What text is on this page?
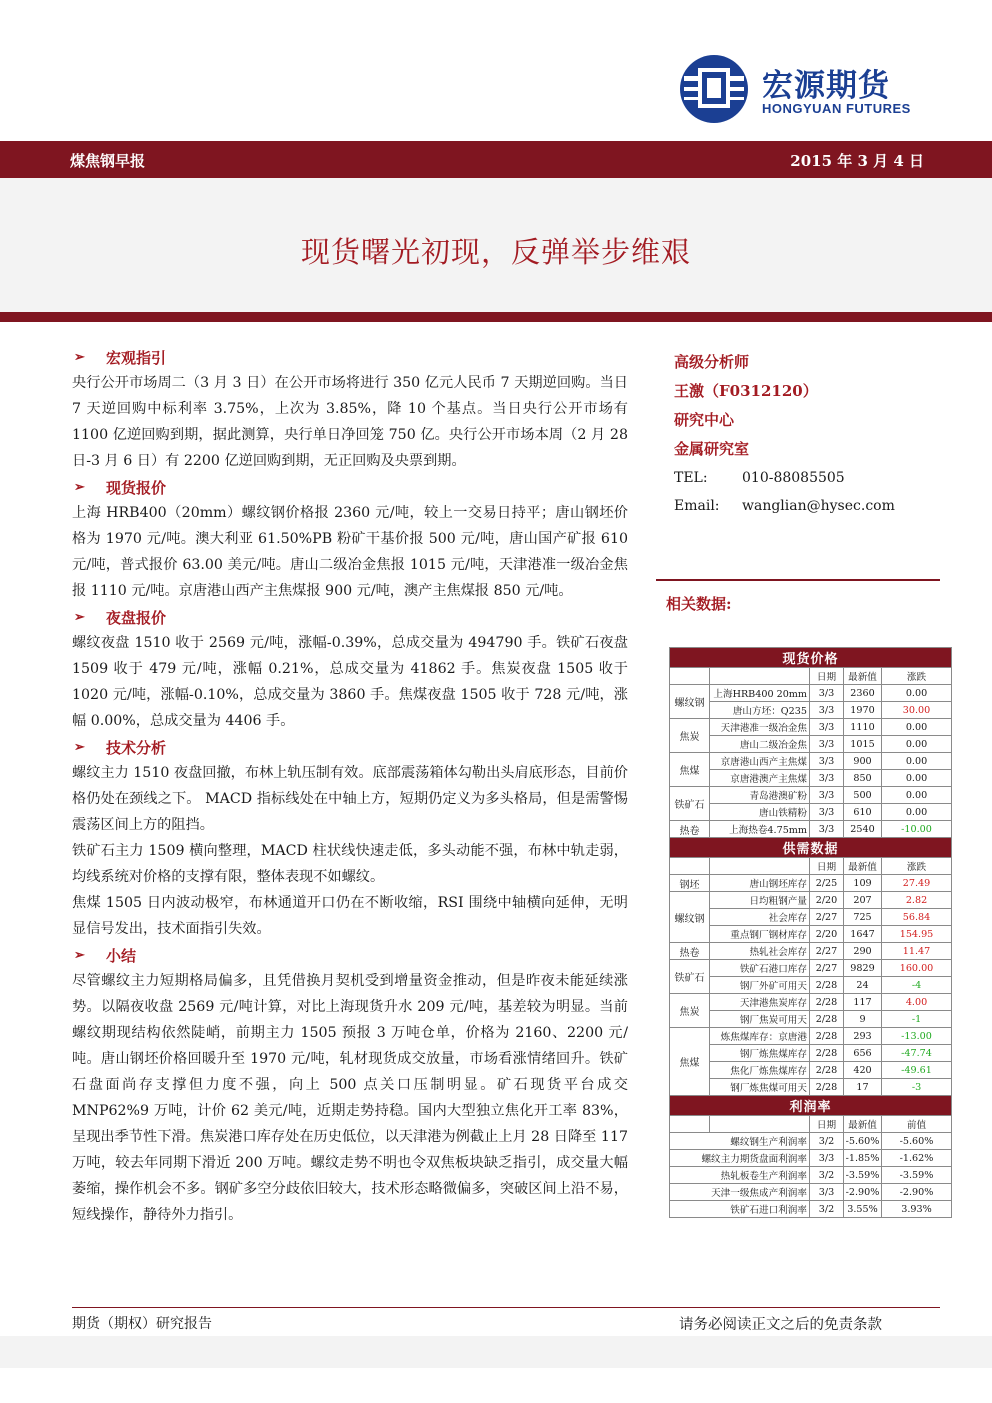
宏源期货
HONGYUAN FUTURES
煤焦钢早报	2015 年 3 月 4 日
现货曙光初现，反弹举步维艰
➢	宏观指引
央行公开市场周二（3 月 3 日）在公开市场将进行 350 亿元人民币 7 天期逆回购。当日 7 天逆回购中标利率 3.75%，上次为 3.85%，降 10 个基点。当日央行公开市场有 1100 亿逆回购到期，据此测算，央行单日净回笼 750 亿。央行公开市场本周（2 月 28 日-3 月 6 日）有 2200 亿逆回购到期，无正回购及央票到期。
➢	现货报价
上海 HRB400（20mm）螺纹钢价格报 2360 元/吨，较上一交易日持平；唐山钢坯价格为 1970 元/吨。澳大利亚 61.50%PB 粉矿干基价报 500 元/吨，唐山国产矿报 610 元/吨，普式报价 63.00 美元/吨。唐山二级冶金焦报 1015 元/吨，天津港准一级冶金焦报 1110 元/吨。京唐港山西产主焦煤报 900 元/吨，澳产主焦煤报 850 元/吨。
➢	夜盘报价
螺纹夜盘 1510 收于 2569 元/吨，涨幅-0.39%，总成交量为 494790 手。铁矿石夜盘 1509 收于 479 元/吨，涨幅 0.21%，总成交量为 41862 手。焦炭夜盘 1505 收于 1020 元/吨，涨幅-0.10%，总成交量为 3860 手。焦煤夜盘 1505 收于 728 元/吨，涨幅 0.00%，总成交量为 4406 手。
➢	技术分析
螺纹主力 1510 夜盘回撤，布林上轨压制有效。底部震荡箱体勾勒出头肩底形态，目前价格仍处在颈线之下。 MACD 指标线处在中轴上方，短期仍定义为多头格局，但是需警惕震荡区间上方的阻挡。
铁矿石主力 1509 横向整理，MACD 柱状线快速走低，多头动能不强，布林中轨走弱，均线系统对价格的支撑有限，整体表现不如螺纹。
焦煤 1505 日内波动极窄，布林通道开口仍在不断收缩，RSI 围绕中轴横向延伸，无明显信号发出，技术面指引失效。
➢	小结
尽管螺纹主力短期格局偏多，且凭借换月契机受到增量资金推动，但是昨夜未能延续涨势。以隔夜收盘 2569 元/吨计算，对比上海现货升水 209 元/吨，基差较为明显。当前螺纹期现结构依然陡峭，前期主力 1505 预报 3 万吨仓单，价格为 2160、2200 元/吨。唐山钢坯价格回暖升至 1970 元/吨，轧材现货成交放量，市场看涨情绪回升。铁矿石盘面尚存支撑但力度不强，向上 500 点关口压制明显。矿石现货平台成交 MNP62%9 万吨，计价 62 美元/吨，近期走势持稳。国内大型独立焦化开工率 83%，呈现出季节性下滑。焦炭港口库存处在历史低位，以天津港为例截止上月 28 日降至 117 万吨，较去年同期下滑近 200 万吨。螺纹走势不明也令双焦板块缺乏指引，成交量大幅萎缩，操作机会不多。钢矿多空分歧依旧较大，技术形态略微偏多，突破区间上沿不易，短线操作，静待外力指引。
高级分析师
王激（F0312120）
研究中心
金属研究室
TEL:	010-88085505
Email:	wanglian@hysec.com
相关数据:
现货价格				
		日期	最新值	涨跌
螺纹钢	上海HRB400 20mm	3/3	2360	0.00
	唐山方坯：Q235	3/3	1970	30.00
焦炭	天津港准一级冶金焦	3/3	1110	0.00
	唐山二级冶金焦	3/3	1015	0.00
焦煤	京唐港山西产主焦煤	3/3	900	0.00
	京唐港澳产主焦煤	3/3	850	0.00
铁矿石	青岛港澳矿粉	3/3	500	0.00
	唐山铁精粉	3/3	610	0.00
热卷	上海热卷4.75mm	3/3	2540	-10.00
供需数据				
		日期	最新值	涨跌
钢坯	唐山钢坯库存	2/25	109	27.49
螺纹钢	日均粗钢产量	2/20	207	2.82
	社会库存	2/27	725	56.84
	重点钢厂钢材库存	2/20	1647	154.95
热卷	热轧社会库存	2/27	290	11.47
铁矿石	铁矿石港口库存	2/27	9829	160.00
	钢厂外矿可用天	2/28	24	-4
焦炭	天津港焦炭库存	2/28	117	4.00
	钢厂焦炭可用天	2/28	9	-1
焦煤	炼焦煤库存：京唐港	2/28	293	-13.00
	钢厂炼焦煤库存	2/28	656	-47.74
	焦化厂炼焦煤库存	2/28	420	-49.61
	钢厂炼焦煤可用天	2/28	17	-3
利润率				
		日期	最新值	前值
螺纹钢生产利润率		3/2	-5.60%	-5.60%
螺纹主力期货盘面利润率		3/3	-1.85%	-1.62%
热轧板卷生产利润率		3/2	-3.59%	-3.59%
天津一级焦成产利润率		3/3	-2.90%	-2.90%
铁矿石进口利润率		3/2	3.55%	3.93%
期货（期权）研究报告	请务必阅读正文之后的免责条款
